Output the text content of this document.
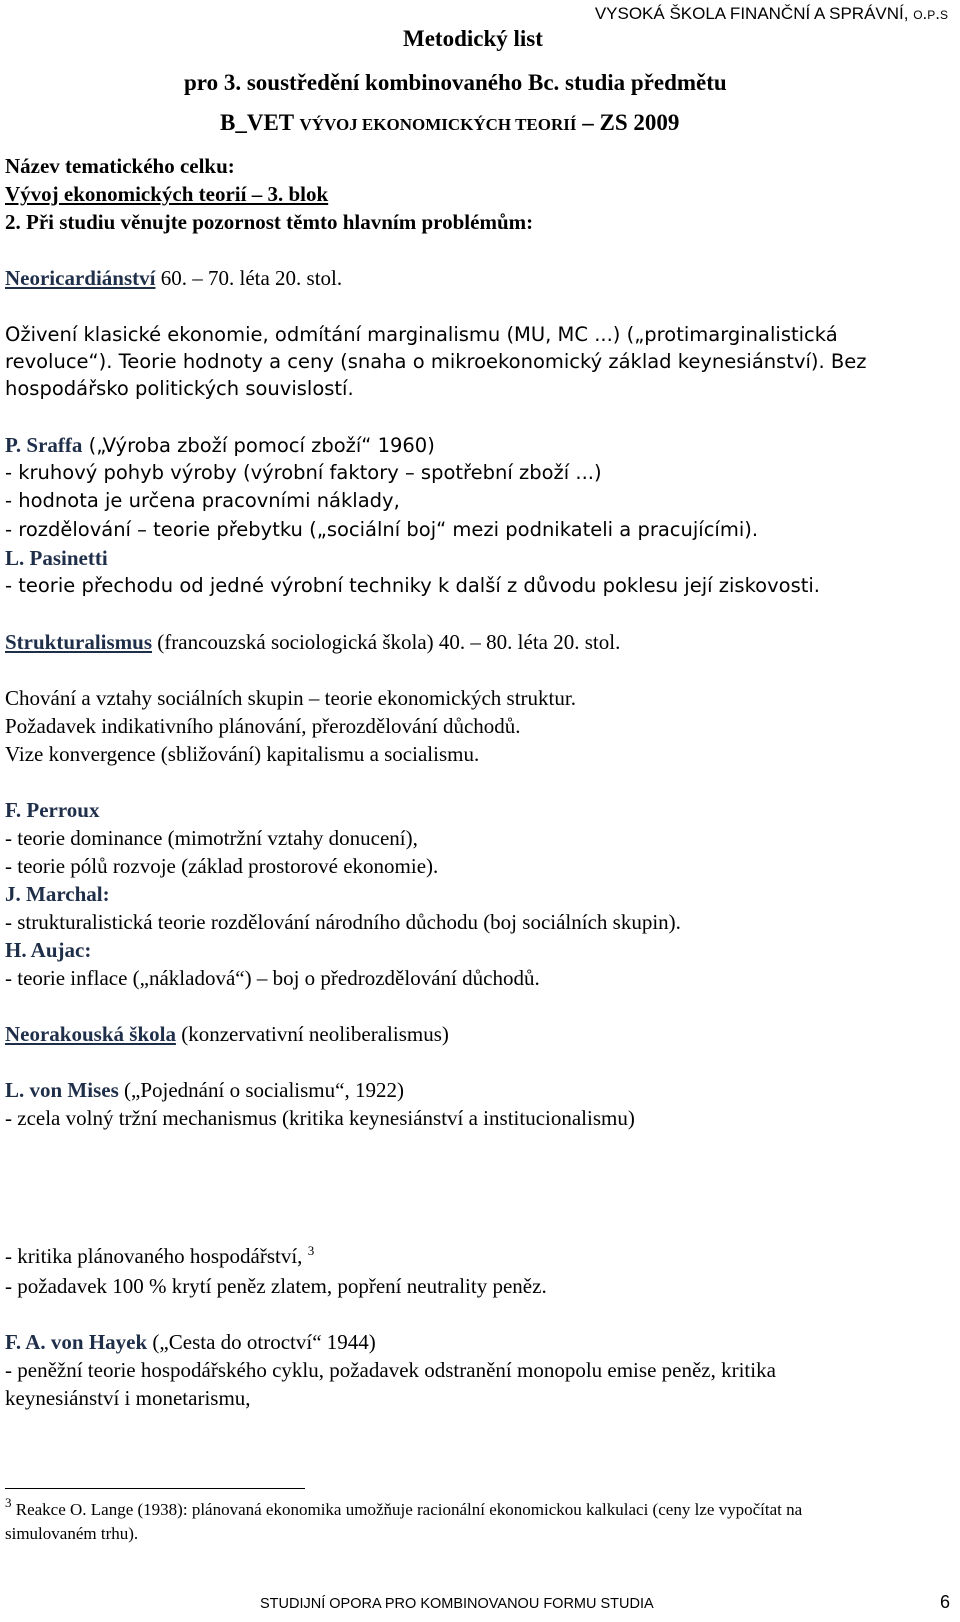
VYSOKÁ ŠKOLA FINANČNÍ A SPRÁVNÍ, o.p.s
Metodický list
pro 3. soustředění kombinovaného Bc. studia předmětu
B_VET VÝVOJ EKONOMICKÝCH TEORIÍ – ZS 2009
Název tematického celku:
Vývoj ekonomických teorií – 3. blok
2. Při studiu věnujte pozornost těmto hlavním problémům:
Neoricardiánství 60. – 70. léta 20. stol.
Oživení klasické ekonomie, odmítání marginalismu (MU, MC ...) („protimarginalistická
revoluce“). Teorie hodnoty a ceny (snaha o mikroekonomický základ keynesiánství). Bez
hospodářsko politických souvislostí.
P. Sraffa („Výroba zboží pomocí zboží“ 1960)
- kruhový pohyb výroby (výrobní faktory – spotřební zboží ...)
- hodnota je určena pracovními náklady,
- rozdělování – teorie přebytku („sociální boj“ mezi podnikateli a pracujícími).
L. Pasinetti
- teorie přechodu od jedné výrobní techniky k další z důvodu poklesu její ziskovosti.
Strukturalismus (francouzská sociologická škola) 40. – 80. léta 20. stol.
Chování a vztahy sociálních skupin – teorie ekonomických struktur.
Požadavek indikativního plánování, přerozdělování důchodů.
Vize konvergence (sbližování) kapitalismu a socialismu.
F. Perroux
- teorie dominance (mimotržní vztahy donucení),
- teorie pólů rozvoje (základ prostorové ekonomie).
J. Marchal:
- strukturalistická teorie rozdělování národního důchodu (boj sociálních skupin).
H. Aujac:
- teorie inflace („nákladová“) – boj o předrozdělování důchodů.
Neorakouská škola (konzervativní neoliberalismus)
L. von Mises („Pojednání o socialismu“, 1922)
- zcela volný tržní mechanismus (kritika keynesiánství a institucionalismu)
- kritika plánovaného hospodářství, $^3$
- požadavek 100 % krytí peněz zlatem, popření neutrality peněz.
F. A. von Hayek („Cesta do otroctví“ 1944)
- peněžní teorie hospodářského cyklu, požadavek odstranění monopolu emise peněz, kritika
keynesiánství i monetarismu,
$^3$ Reakce O. Lange (1938): plánovaná ekonomika umožňuje racionální ekonomickou kalkulaci (ceny lze vypočítat na simulovaném trhu).
STUDIJNÍ OPORA PRO KOMBINOVANOU FORMU STUDIA	6
